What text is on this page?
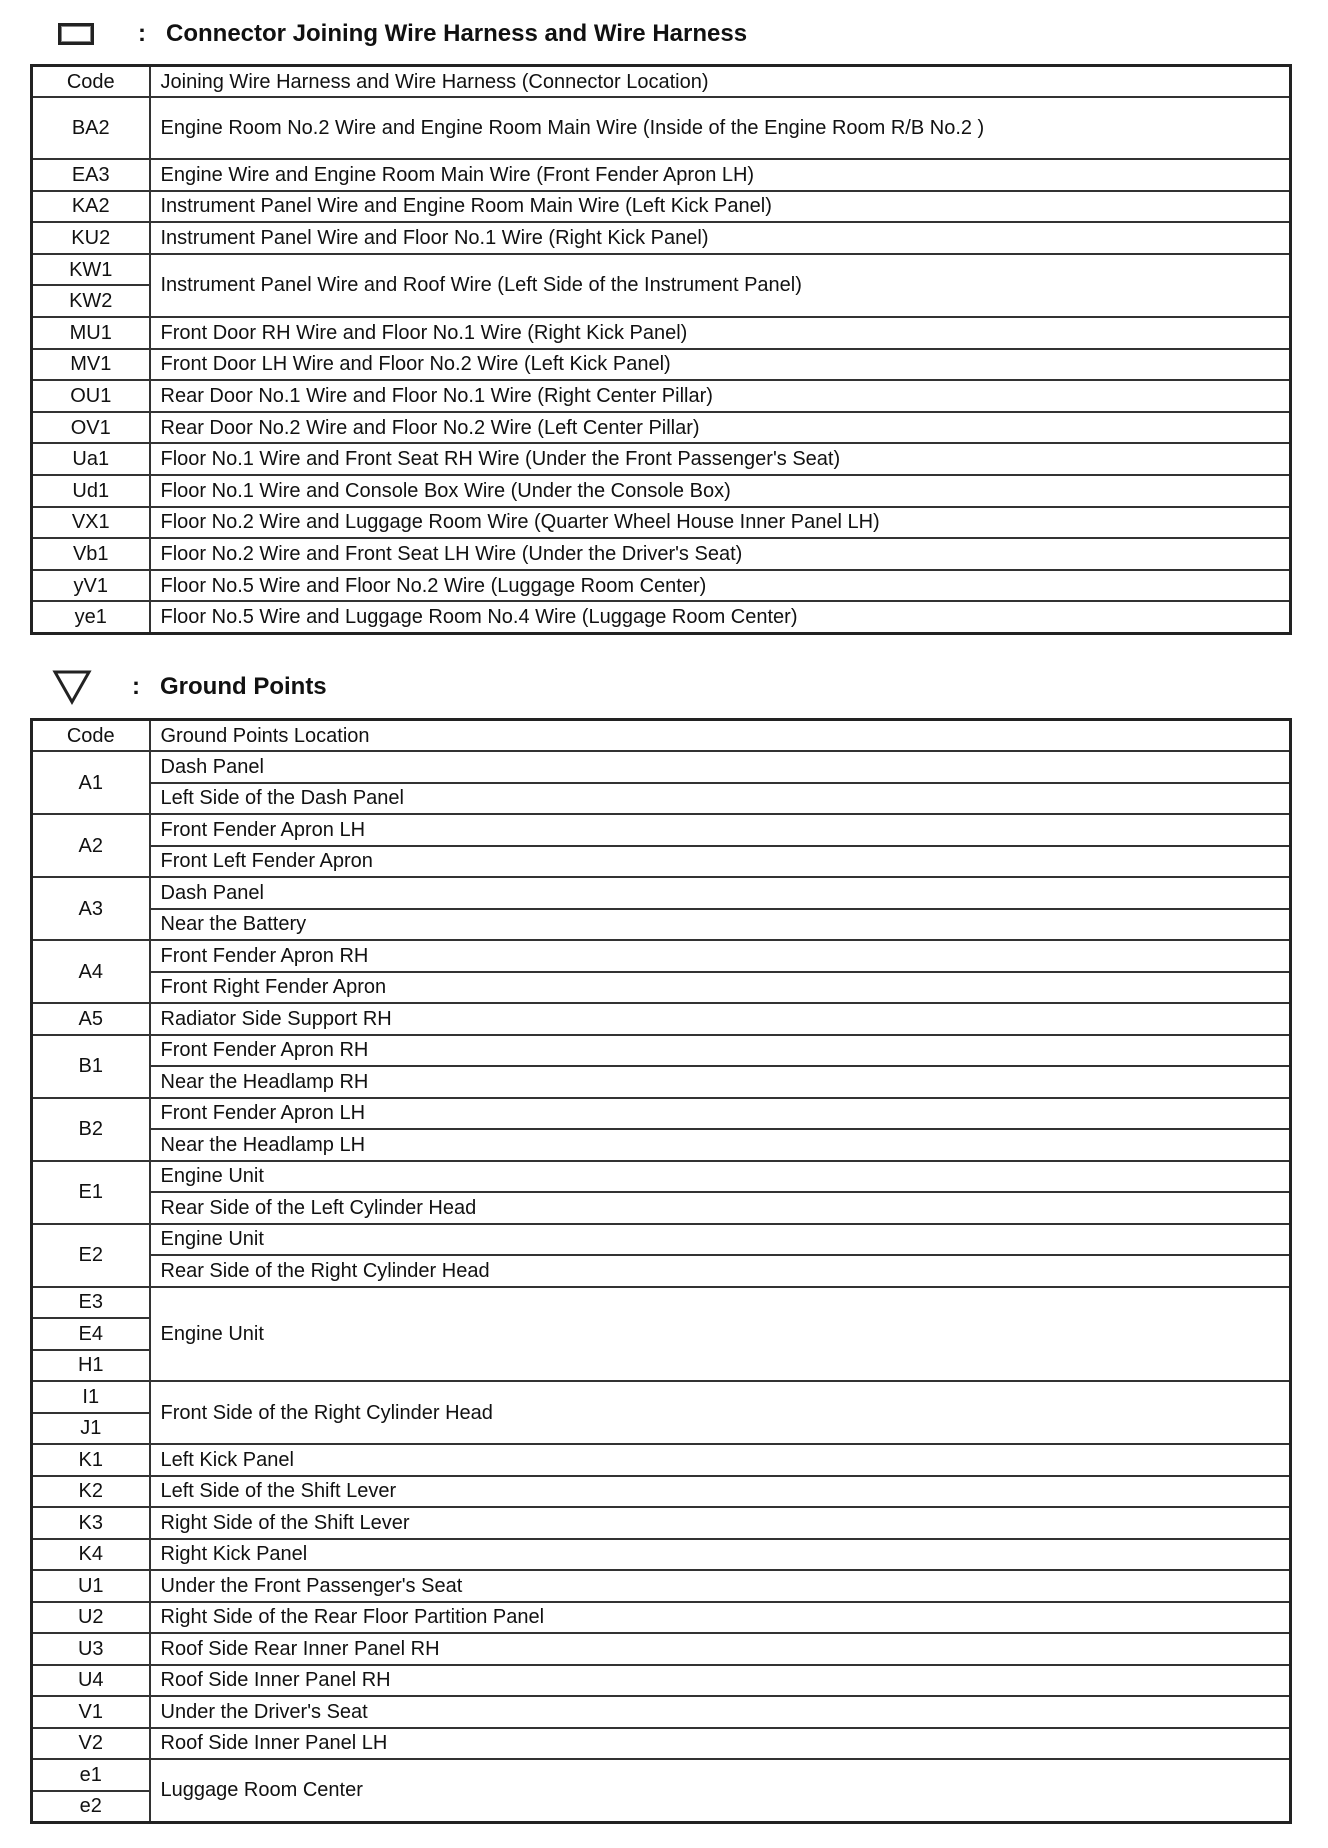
: Connector Joining Wire Harness and Wire Harness
Code	Joining Wire Harness and Wire Harness (Connector Location)
BA2	Engine Room No.2 Wire and Engine Room Main Wire (Inside of the Engine Room R/B No.2 )
EA3	Engine Wire and Engine Room Main Wire (Front Fender Apron LH)
KA2	Instrument Panel Wire and Engine Room Main Wire (Left Kick Panel)
KU2	Instrument Panel Wire and Floor No.1 Wire (Right Kick Panel)
KW1	Instrument Panel Wire and Roof Wire (Left Side of the Instrument Panel)
KW2	
MU1	Front Door RH Wire and Floor No.1 Wire (Right Kick Panel)
MV1	Front Door LH Wire and Floor No.2 Wire (Left Kick Panel)
OU1	Rear Door No.1 Wire and Floor No.1 Wire (Right Center Pillar)
OV1	Rear Door No.2 Wire and Floor No.2 Wire (Left Center Pillar)
Ua1	Floor No.1 Wire and Front Seat RH Wire (Under the Front Passenger's Seat)
Ud1	Floor No.1 Wire and Console Box Wire (Under the Console Box)
VX1	Floor No.2 Wire and Luggage Room Wire (Quarter Wheel House Inner Panel LH)
Vb1	Floor No.2 Wire and Front Seat LH Wire (Under the Driver's Seat)
yV1	Floor No.5 Wire and Floor No.2 Wire (Luggage Room Center)
ye1	Floor No.5 Wire and Luggage Room No.4 Wire (Luggage Room Center)
: Ground Points
Code	Ground Points Location
A1	Dash Panel
	Left Side of the Dash Panel
A2	Front Fender Apron LH
	Front Left Fender Apron
A3	Dash Panel
	Near the Battery
A4	Front Fender Apron RH
	Front Right Fender Apron
A5	Radiator Side Support RH
B1	Front Fender Apron RH
	Near the Headlamp RH
B2	Front Fender Apron LH
	Near the Headlamp LH
E1	Engine Unit
	Rear Side of the Left Cylinder Head
E2	Engine Unit
	Rear Side of the Right Cylinder Head
E3	Engine Unit
E4	
H1	
I1	Front Side of the Right Cylinder Head
J1	
K1	Left Kick Panel
K2	Left Side of the Shift Lever
K3	Right Side of the Shift Lever
K4	Right Kick Panel
U1	Under the Front Passenger's Seat
U2	Right Side of the Rear Floor Partition Panel
U3	Roof Side Rear Inner Panel RH
U4	Roof Side Inner Panel RH
V1	Under the Driver's Seat
V2	Roof Side Inner Panel LH
e1	Luggage Room Center
e2	
